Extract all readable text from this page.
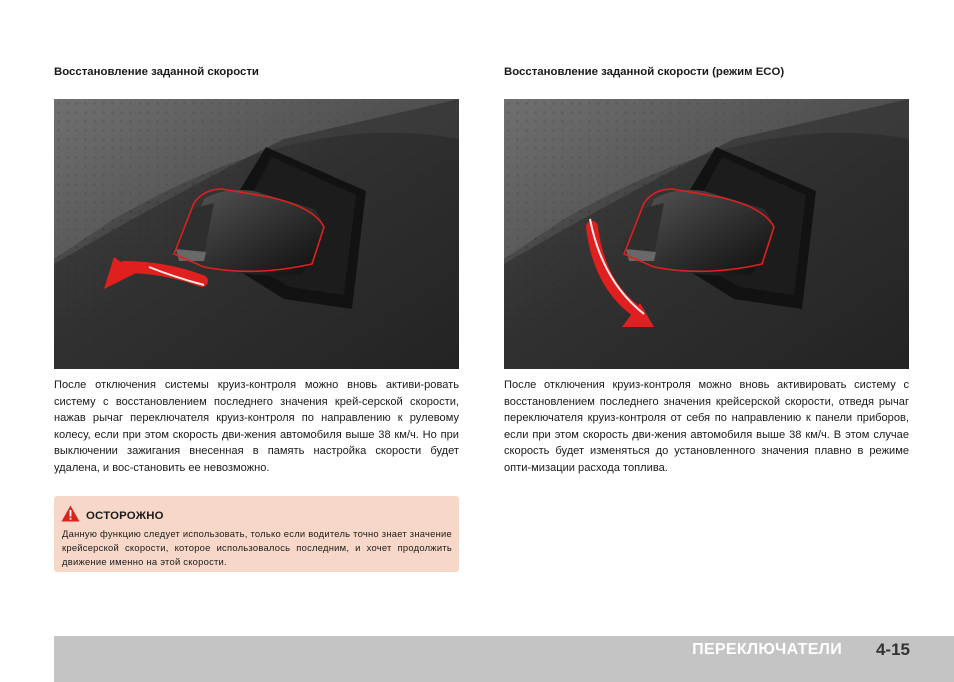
Восстановление заданной скорости

После отключения системы круиз-контроля можно вновь активи-ровать систему с восстановлением последнего значения крей-серской скорости, нажав рычаг переключателя круиз-контроля по направлению к рулевому колесу, если при этом скорость дви-жения автомобиля выше 38 км/ч. Но при выключении зажигания внесенная в память настройка скорости будет удалена, и вос-становить ее невозможно.

ОСТОРОЖНО

Данную функцию следует использовать, только если водитель точно знает значение крейсерской скорости, которое использовалось последним, и хочет продолжить движение именно на этой скорости.

Восстановление заданной скорости (режим ECO)

После отключения круиз-контроля можно вновь активировать систему с восстановлением последнего значения крейсерской скорости, отведя рычаг переключателя круиз-контроля от себя по направлению к панели приборов, если при этом скорость дви-жения автомобиля выше 38 км/ч. В этом случае скорость будет изменяться до установленного значения плавно в режиме опти-мизации расхода топлива.

ПЕРЕКЛЮЧАТЕЛИ 4-15
